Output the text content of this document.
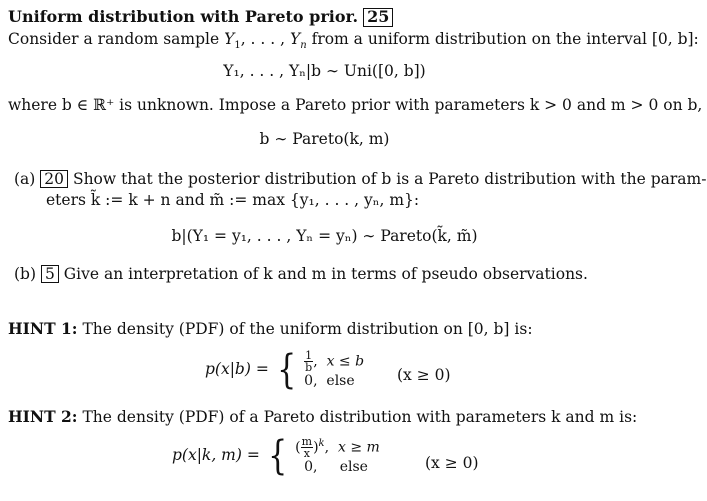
Uniform distribution with Pareto prior. 25
Consider a random sample $Y_1$, . . . , $Y_n$ from a uniform distribution on the interval [0, b]:
Y₁, . . . , Yₙ|b ∼ Uni([0, b])
where b ∈ ℝ⁺ is unknown. Impose a Pareto prior with parameters k > 0 and m > 0 on b,
b ∼ Pareto(k, m)
(a) 20 Show that the posterior distribution of b is a Pareto distribution with the param-
eters k̃ := k + n and m̃ := max {y₁, . . . , yₙ, m}:
b|(Y₁ = y₁, . . . , Yₙ = yₙ) ∼ Pareto(k̃, m̃)
(b) 5 Give an interpretation of k and m in terms of pseudo observations.
HINT 1: The density (PDF) of the uniform distribution on [0, b] is:
p(x|b) = { $\frac{1}{b}$ ,  x ≤ b
0, else	(x ≥ 0)
HINT 2: The density (PDF) of a Pareto distribution with parameters k and m is:
p(x|k, m) = { ( $\frac{m}{x} )^k$,  x ≥ m
0, else	(x ≥ 0)
